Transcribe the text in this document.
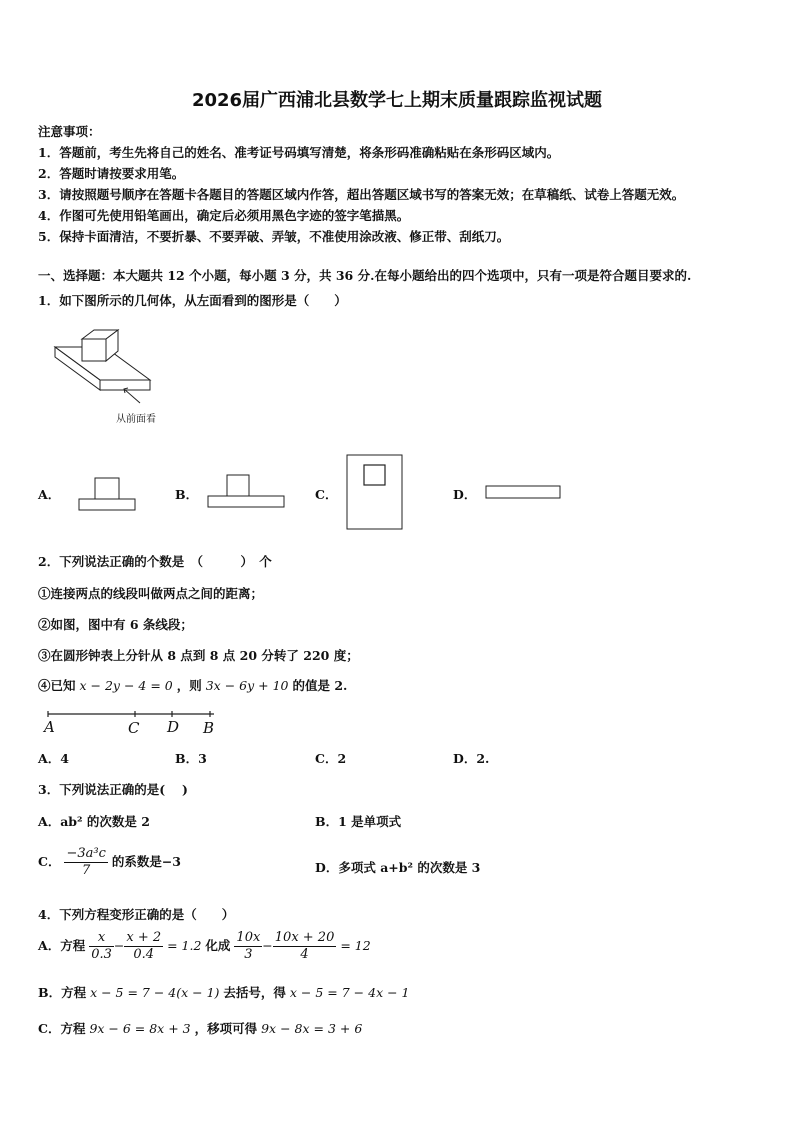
2026届广西浦北县数学七上期末质量跟踪监视试题
注意事项：
1．答题前，考生先将自己的姓名、准考证号码填写清楚，将条形码准确粘贴在条形码区域内。
2．答题时请按要求用笔。
3．请按照题号顺序在答题卡各题目的答题区域内作答，超出答题区域书写的答案无效；在草稿纸、试卷上答题无效。
4．作图可先使用铅笔画出，确定后必须用黑色字迹的签字笔描黑。
5．保持卡面清洁，不要折暴、不要弄破、弄皱，不准使用涂改液、修正带、刮纸刀。
一、选择题：本大题共 12 个小题，每小题 3 分，共 36 分.在每小题给出的四个选项中，只有一项是符合题目要求的.
1．如下图所示的几何体，从左面看到的图形是（　　）
从前面看
A．	B．	C．	D．
2．下列说法正确的个数是　（　　　）　个
①连接两点的线段叫做两点之间的距离；
②如图，图中有 6 条线段；
③在圆形钟表上分针从 8 点到 8 点 20 分转了 220 度；
④已知 x − 2y − 4 = 0 ，则 3x − 6y + 10 的值是 2.
A	C D B
A．4	B．3	C．2	D．2.
3．下列说法正确的是(　 )
A．ab² 的次数是 2	B．1 是单项式
C． $\frac{\text{−3a³c}}{7}$ 的系数是−3	D．多项式 a+b² 的次数是 3
4．下列方程变形正确的是（　　）
A．方程 $\frac{x}{0.3} - \frac{x + 2}{0.4} = 1.2$ 化成 $\frac{10x}{3} - \frac{10x + 20}{4} = 12$
B．方程 x − 5 = 7 − 4(x − 1) 去括号，得 x − 5 = 7 − 4x − 1
C．方程 9x − 6 = 8x + 3 ，移项可得 9x − 8x = 3 + 6
